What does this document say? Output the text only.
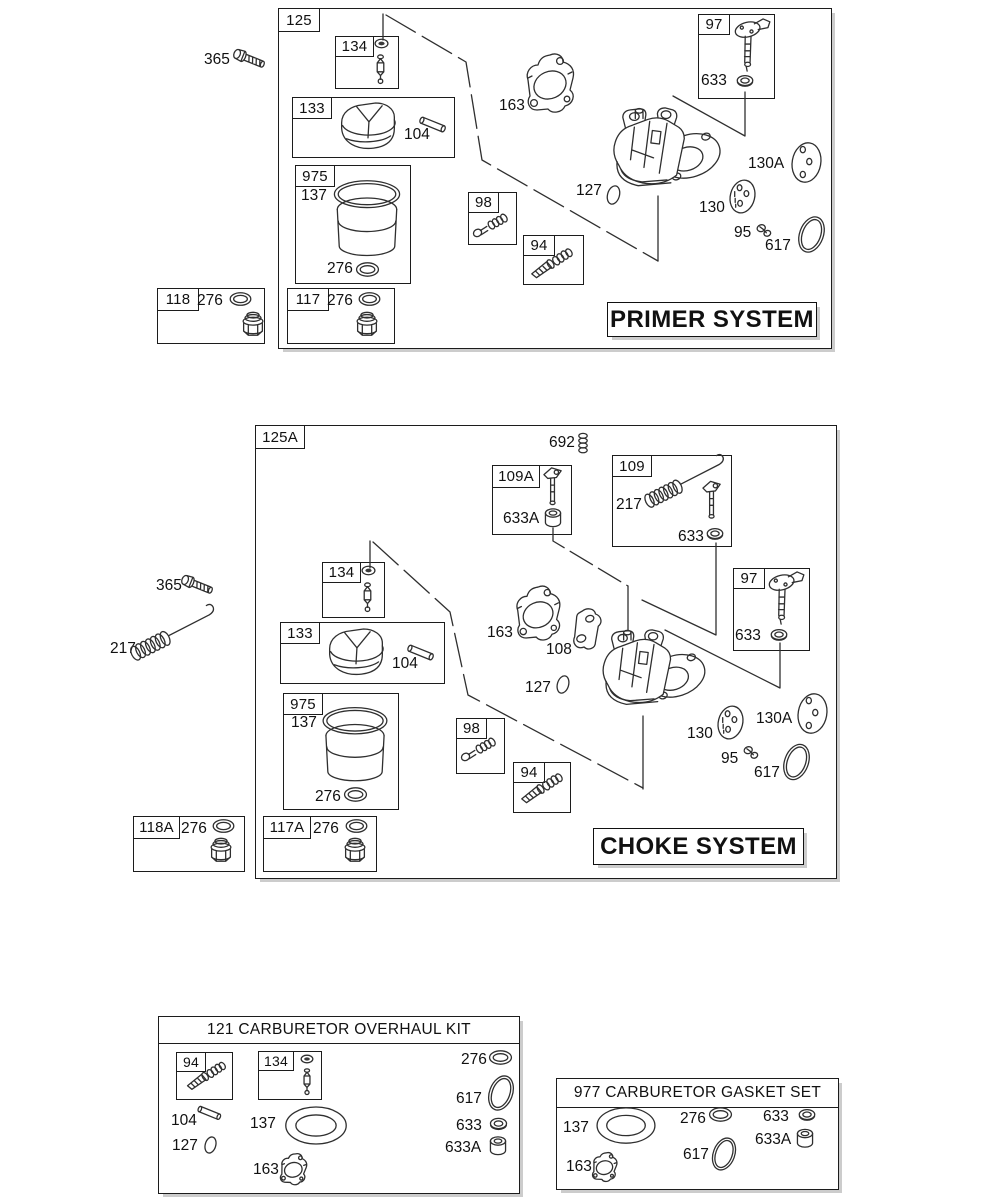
125
134
133
975
98
94
97
118	117
PRIMER SYSTEM
365
104
137
276
163
127
633
130A
130
95
617
276	276
125A
109A
109
134
133
975
118A	117A
98
94
97
CHOKE SYSTEM
692
633A
217
633
365
217
104
137
276
276	276
163
108
127
633
130
130A
95
617
121 CARBURETOR OVERHAUL KIT
94	134
104
127
137
163
276
617
633
633A
977 CARBURETOR GASKET SET
137
163
276
617
633
633A
